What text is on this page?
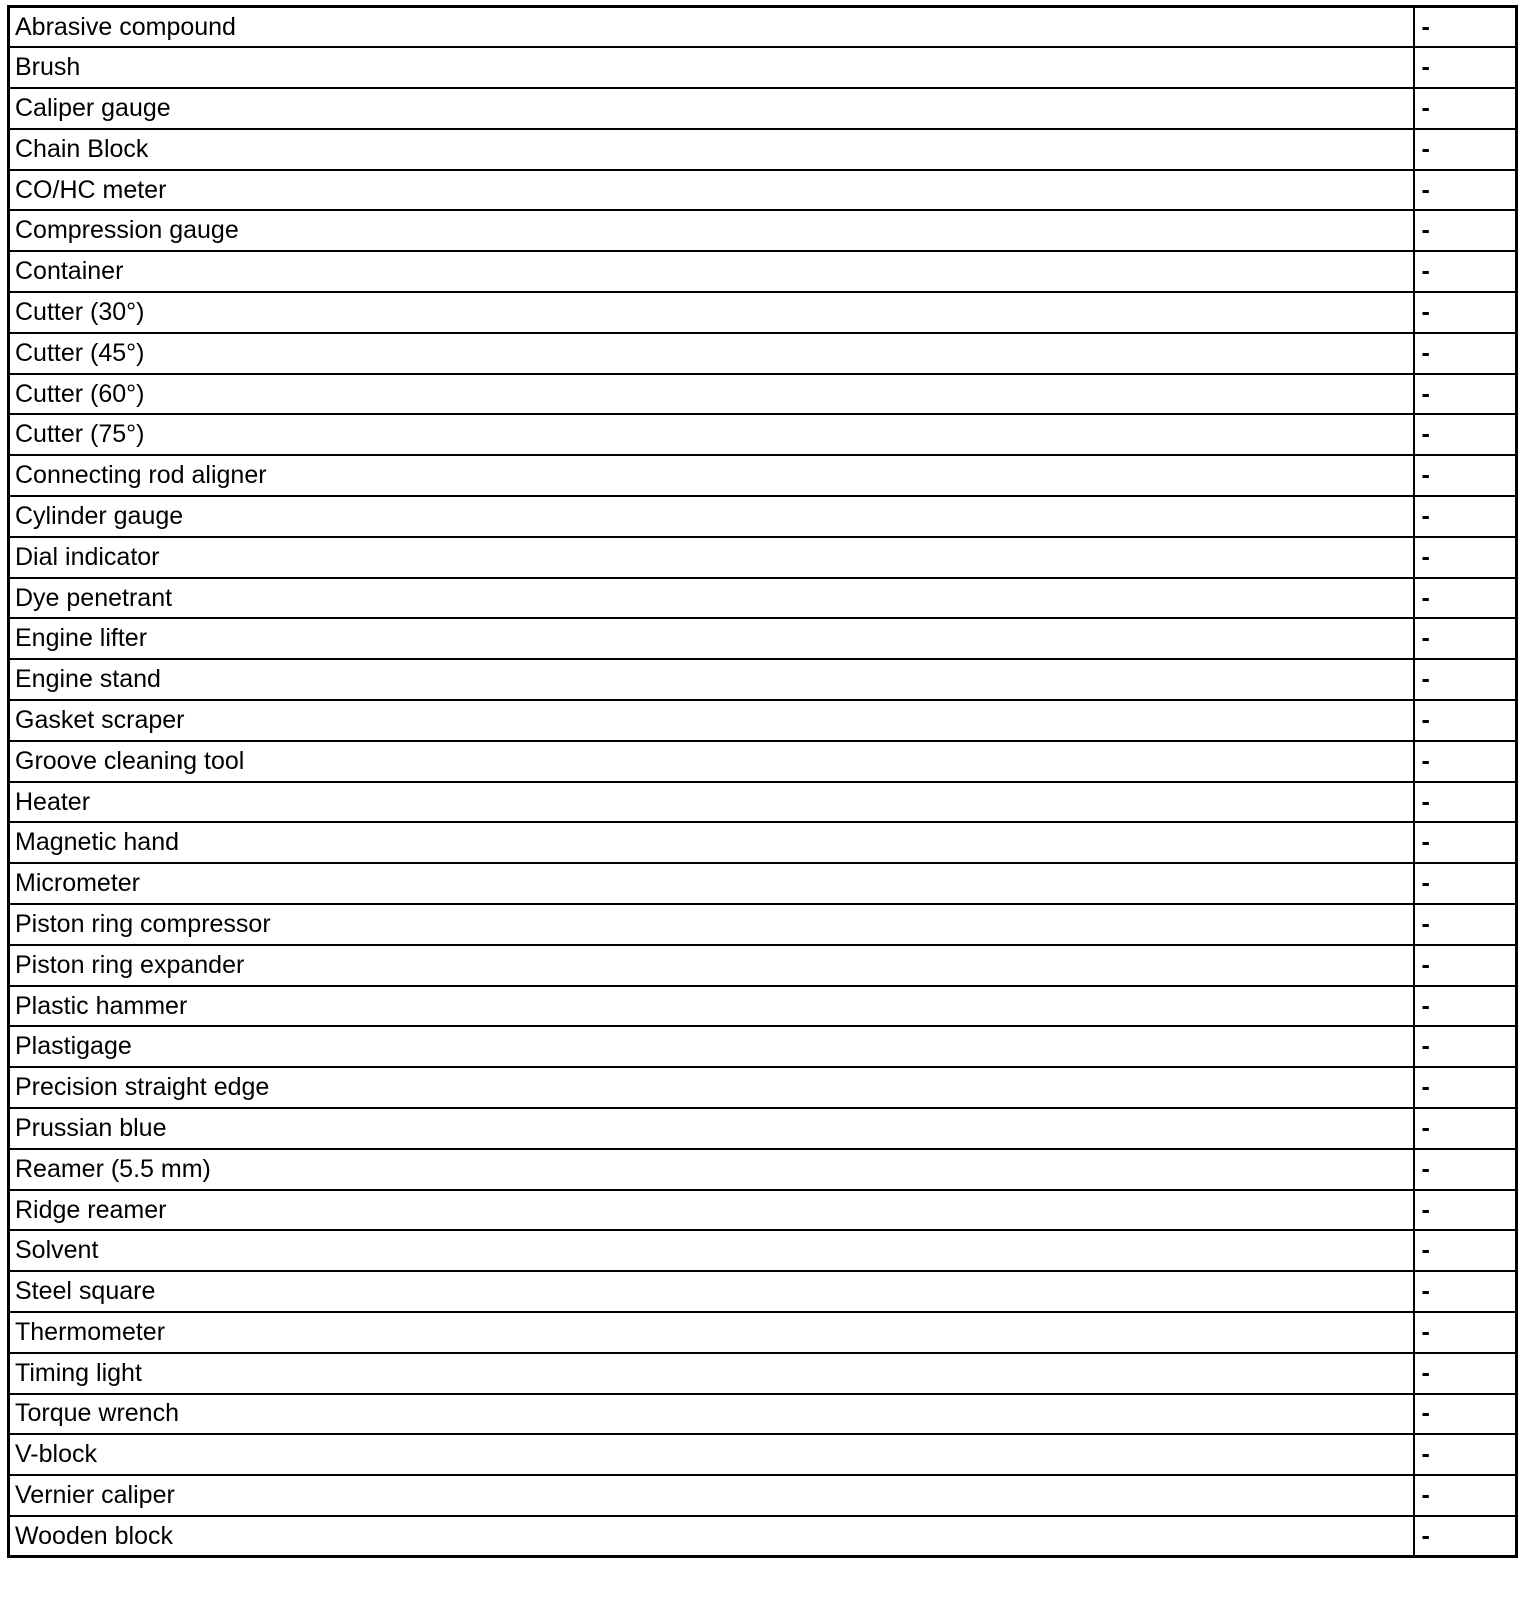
Abrasive compound	-
Brush	-
Caliper gauge	-
Chain Block	-
CO/HC meter	-
Compression gauge	-
Container	-
Cutter (30°)	-
Cutter (45°)	-
Cutter (60°)	-
Cutter (75°)	-
Connecting rod aligner	-
Cylinder gauge	-
Dial indicator	-
Dye penetrant	-
Engine lifter	-
Engine stand	-
Gasket scraper	-
Groove cleaning tool	-
Heater	-
Magnetic hand	-
Micrometer	-
Piston ring compressor	-
Piston ring expander	-
Plastic hammer	-
Plastigage	-
Precision straight edge	-
Prussian blue	-
Reamer (5.5 mm)	-
Ridge reamer	-
Solvent	-
Steel square	-
Thermometer	-
Timing light	-
Torque wrench	-
V-block	-
Vernier caliper	-
Wooden block	-
